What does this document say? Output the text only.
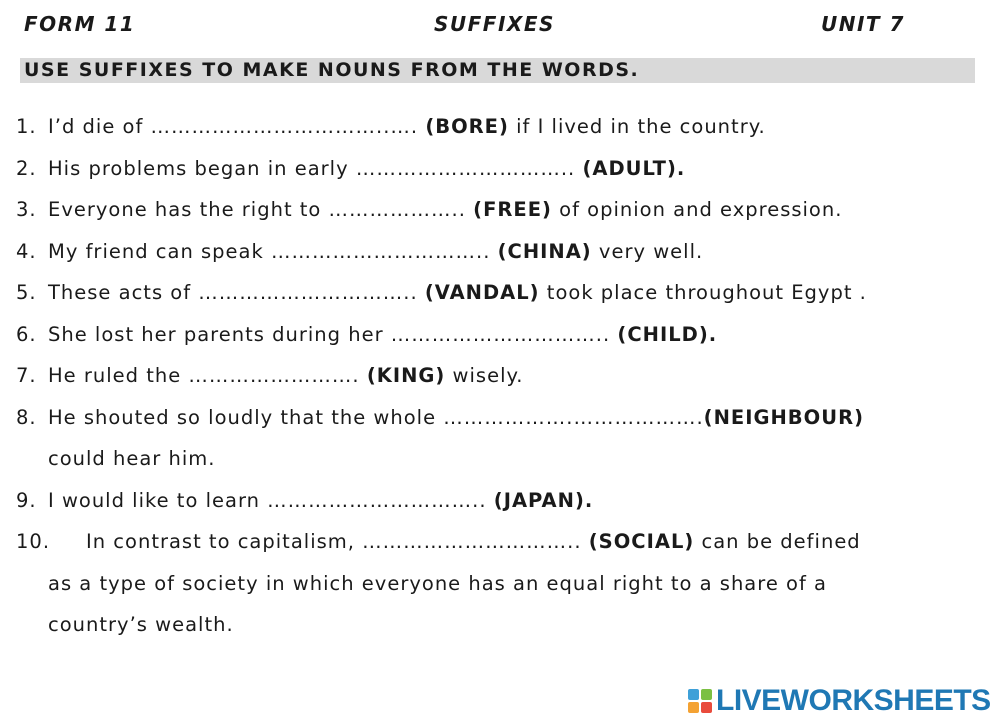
FORM 11	SUFFIXES	UNIT 7
USE SUFFIXES TO MAKE NOUNS FROM THE WORDS.
1. I’d die of ……………………………..…. (BORE) if I lived in the country.
2. His problems began in early ………………………….. (ADULT).
3. Everyone has the right to ……………….. (FREE) of opinion and expression.
4. My friend can speak ………………………….. (CHINA) very well.
5. These acts of ………………………….. (VANDAL) took place throughout Egypt .
6. She lost her parents during her ………………………….. (CHILD).
7. He ruled the ……………………. (KING) wisely.
8. He shouted so loudly that the whole ……………….……………….(NEIGHBOUR)
could hear him.
9. I would like to learn ………………………….. (JAPAN).
10. In contrast to capitalism, ………………………….. (SOCIAL) can be defined
as a type of society in which everyone has an equal right to a share of a
country’s wealth.
LIVEWORKSHEETS
